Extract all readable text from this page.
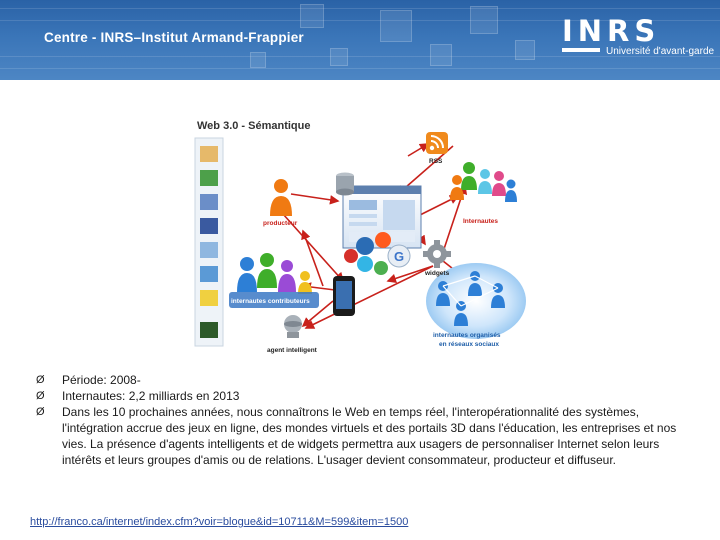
Centre - INRS–Institut Armand-Frappier	INRS
Université d'avant-garde
Web 3.0 - Sémantique
G
RSS
producteur	Internautes
internautes contributeurs
widgets
agent intelligent
internautes organisés
en réseaux sociaux
Ø Période: 2008-
Ø Internautes: 2,2 milliards en 2013
Ø Dans les 10 prochaines années, nous connaîtrons le Web en temps réel, l'interopérationnalité des systèmes, l'intégration accrue des jeux en ligne, des mondes virtuels et des portails 3D dans l'éducation, les entreprises et nos vies. La présence d'agents intelligents et de widgets permettra aux usagers de personnaliser Internet selon leurs intérêts et leurs groupes d'amis ou de relations. L'usager devient consommateur, producteur et diffuseur.
http://franco.ca/internet/index.cfm?voir=blogue&id=10711&M=599&item=1500
